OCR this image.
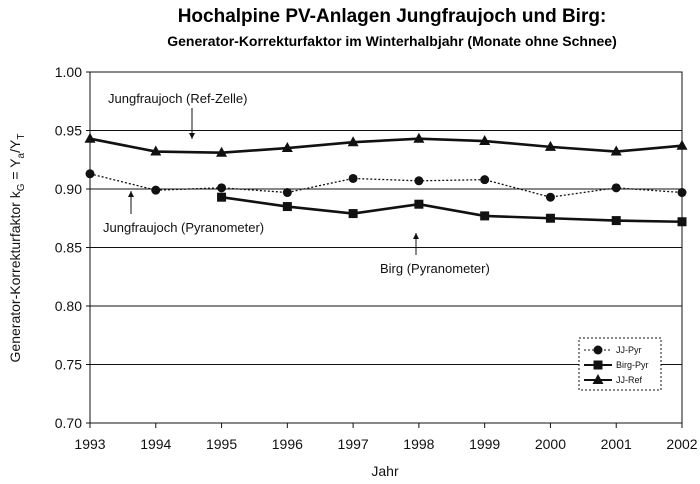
Hochalpine PV-Anlagen Jungfraujoch und Birg:
Generator-Korrekturfaktor im Winterhalbjahr (Monate ohne Schnee)
0.70
0.75
0.80
0.85
0.90
0.95
1.00
1993 1994 1995 1996 1997 1998 1999 2000 2001 2002
Jungfraujoch (Ref-Zelle)
Jungfraujoch (Pyranometer)
Birg (Pyranometer)
Jahr
Generator-Korrekturfaktor $k_G = Y_a/Y_T$
JJ-Pyr
Birg-Pyr
JJ-Ref
